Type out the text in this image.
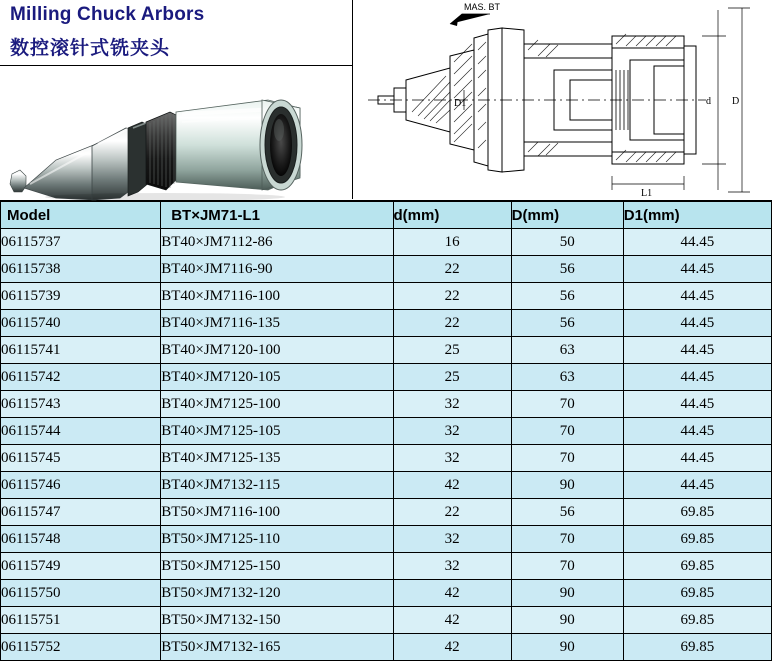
Milling Chuck Arbors
数控滚针式铣夹头
MAS. BT
D1	d D
L1
Model	BT×JM71-L1	d(mm)	D(mm)	D1(mm)
06115737	BT40×JM7112-86	16	50	44.45
06115738	BT40×JM7116-90	22	56	44.45
06115739	BT40×JM7116-100	22	56	44.45
06115740	BT40×JM7116-135	22	56	44.45
06115741	BT40×JM7120-100	25	63	44.45
06115742	BT40×JM7120-105	25	63	44.45
06115743	BT40×JM7125-100	32	70	44.45
06115744	BT40×JM7125-105	32	70	44.45
06115745	BT40×JM7125-135	32	70	44.45
06115746	BT40×JM7132-115	42	90	44.45
06115747	BT50×JM7116-100	22	56	69.85
06115748	BT50×JM7125-110	32	70	69.85
06115749	BT50×JM7125-150	32	70	69.85
06115750	BT50×JM7132-120	42	90	69.85
06115751	BT50×JM7132-150	42	90	69.85
06115752	BT50×JM7132-165	42	90	69.85
